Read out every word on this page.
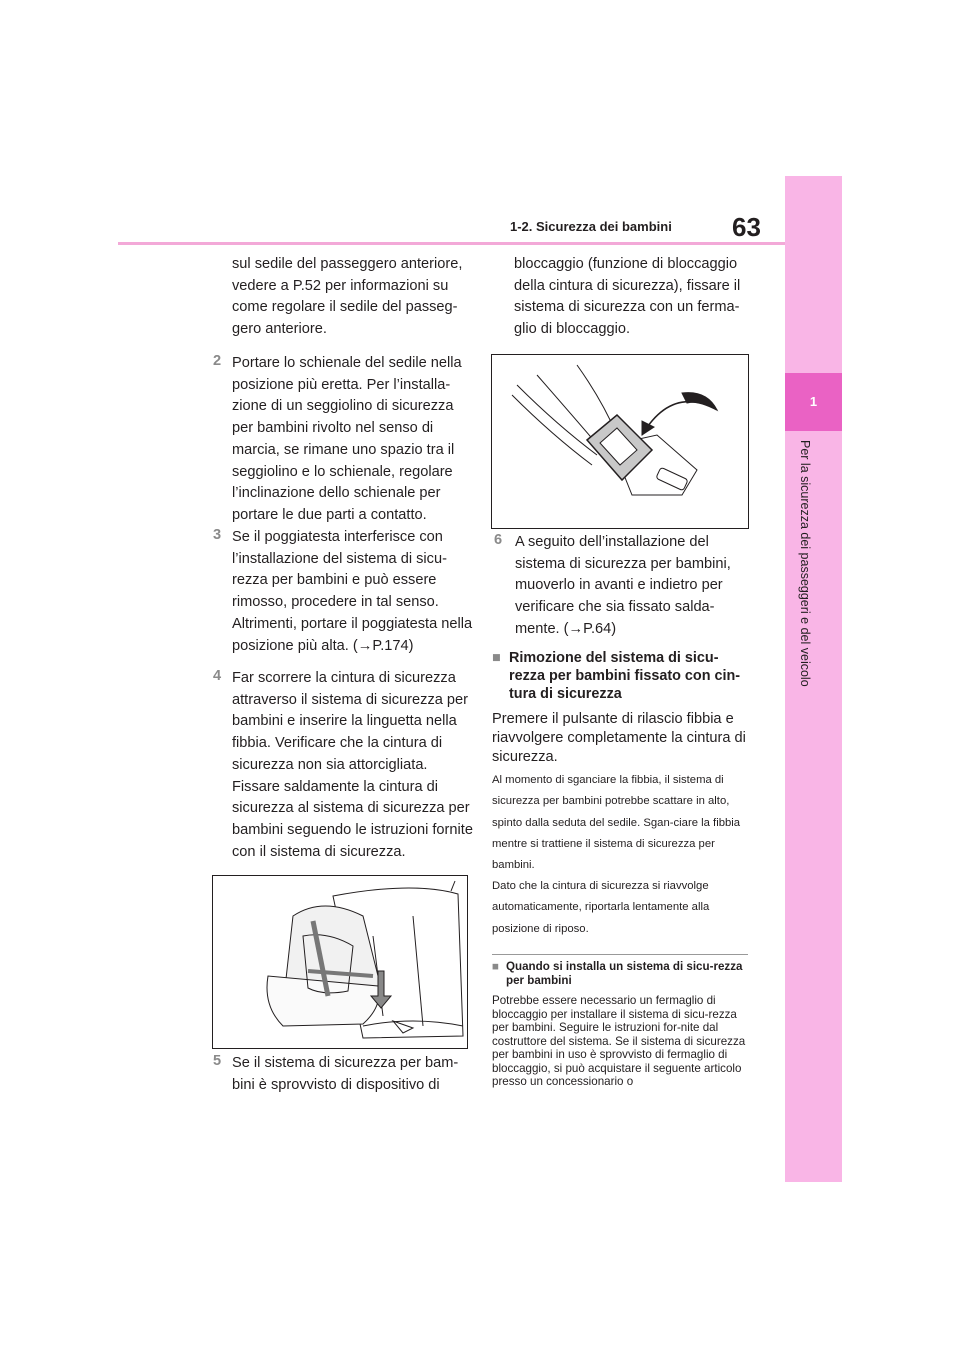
1-2. Sicurezza dei bambini 63
1
Per la sicurezza dei passeggeri e del veicolo

sul sedile del passeggero anteriore, vedere a P.52 per informazioni su come regolare il sedile del passeg-gero anteriore.

2 Portare lo schienale del sedile nella posizione più eretta. Per l’installa-zione di un seggiolino di sicurezza per bambini rivolto nel senso di marcia, se rimane uno spazio tra il seggiolino e lo schienale, regolare l’inclinazione dello schienale per portare le due parti a contatto.

3 Se il poggiatesta interferisce con l’installazione del sistema di sicu-rezza per bambini e può essere rimosso, procedere in tal senso. Altrimenti, portare il poggiatesta nella posizione più alta. (→P.174)

4 Far scorrere la cintura di sicurezza attraverso il sistema di sicurezza per bambini e inserire la linguetta nella fibbia. Verificare che la cintura di sicurezza non sia attorcigliata. Fissare saldamente la cintura di sicurezza al sistema di sicurezza per bambini seguendo le istruzioni fornite con il sistema di sicurezza.

5 Se il sistema di sicurezza per bam-bini è sprovvisto di dispositivo di

bloccaggio (funzione di bloccaggio della cintura di sicurezza), fissare il sistema di sicurezza con un ferma-glio di bloccaggio.

6 A seguito dell’installazione del sistema di sicurezza per bambini, muoverlo in avanti e indietro per verificare che sia fissato salda-mente. (→P.64)

■ Rimozione del sistema di sicu-rezza per bambini fissato con cin-tura di sicurezza

Premere il pulsante di rilascio fibbia e riavvolgere completamente la cintura di sicurezza.

Al momento di sganciare la fibbia, il sistema di sicurezza per bambini potrebbe scattare in alto, spinto dalla seduta del sedile. Sgan-ciare la fibbia mentre si trattiene il sistema di sicurezza per bambini.

Dato che la cintura di sicurezza si riavvolge automaticamente, riportarla lentamente alla posizione di riposo.

■ Quando si installa un sistema di sicu-rezza per bambini

Potrebbe essere necessario un fermaglio di bloccaggio per installare il sistema di sicu-rezza per bambini. Seguire le istruzioni for-nite dal costruttore del sistema. Se il sistema di sicurezza per bambini in uso è sprovvisto di fermaglio di bloccaggio, si può acquistare il seguente articolo presso un concessionario o
